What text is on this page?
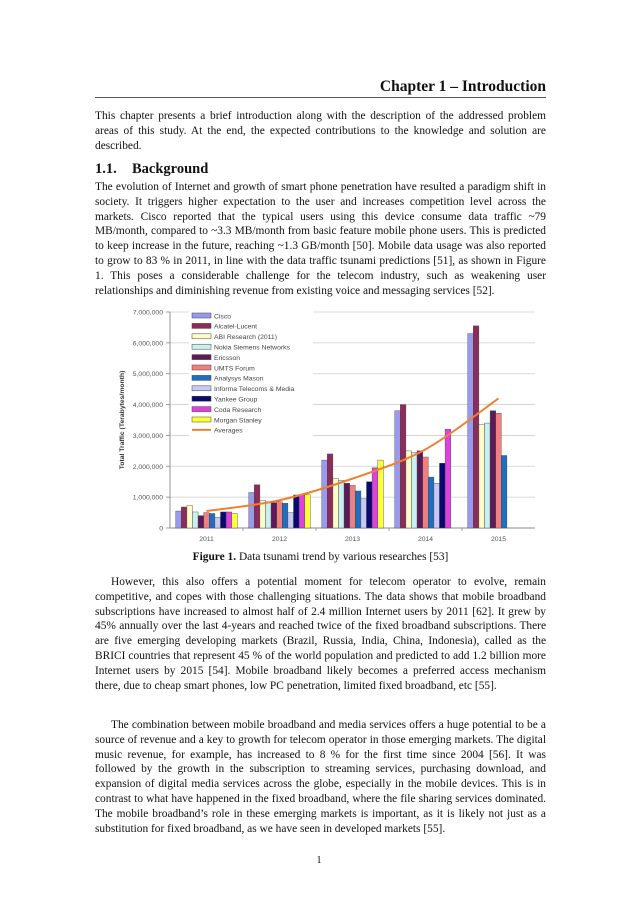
Chapter 1 – Introduction

This chapter presents a brief introduction along with the description of the addressed problem areas of this study. At the end, the expected contributions to the knowledge and solution are described.

1.1. Background

The evolution of Internet and growth of smart phone penetration have resulted a paradigm shift in society. It triggers higher expectation to the user and increases competition level across the markets. Cisco reported that the typical users using this device consume data traffic ~79 MB/month, compared to ~3.3 MB/month from basic feature mobile phone users. This is predicted to keep increase in the future, reaching ~1.3 GB/month [50]. Mobile data usage was also reported to grow to 83 % in 2011, in line with the data traffic tsunami predictions [51], as shown in Figure 1. This poses a considerable challenge for the telecom industry, such as weakening user relationships and diminishing revenue from existing voice and messaging services [52].

0
1,000,000
2,000,000
3,000,000
4,000,000
5,000,000
6,000,000
7,000,000
Total Traffic (Terabytes/month)
2011	2012	2013	2014	2015
Cisco
Alcatel-Lucent
ABI Research (2011)
Nokia Siemens Networks
Ericsson
UMTS Forum
Analysys Mason
Informa Telecoms & Media
Yankee Group
Coda Research
Morgan Stanley
Averages
Figure 1. Data tsunami trend by various researches [53]

However, this also offers a potential moment for telecom operator to evolve, remain competitive, and copes with those challenging situations. The data shows that mobile broadband subscriptions have increased to almost half of 2.4 million Internet users by 2011 [62]. It grew by 45% annually over the last 4-years and reached twice of the fixed broadband subscriptions. There are five emerging developing markets (Brazil, Russia, India, China, Indonesia), called as the BRICI countries that represent 45 % of the world population and predicted to add 1.2 billion more Internet users by 2015 [54]. Mobile broadband likely becomes a preferred access mechanism there, due to cheap smart phones, low PC penetration, limited fixed broadband, etc [55].

The combination between mobile broadband and media services offers a huge potential to be a source of revenue and a key to growth for telecom operator in those emerging markets. The digital music revenue, for example, has increased to 8 % for the first time since 2004 [56]. It was followed by the growth in the subscription to streaming services, purchasing download, and expansion of digital media services across the globe, especially in the mobile devices. This is in contrast to what have happened in the fixed broadband, where the file sharing services dominated. The mobile broadband’s role in these emerging markets is important, as it is likely not just as a substitution for fixed broadband, as we have seen in developed markets [55].

1
